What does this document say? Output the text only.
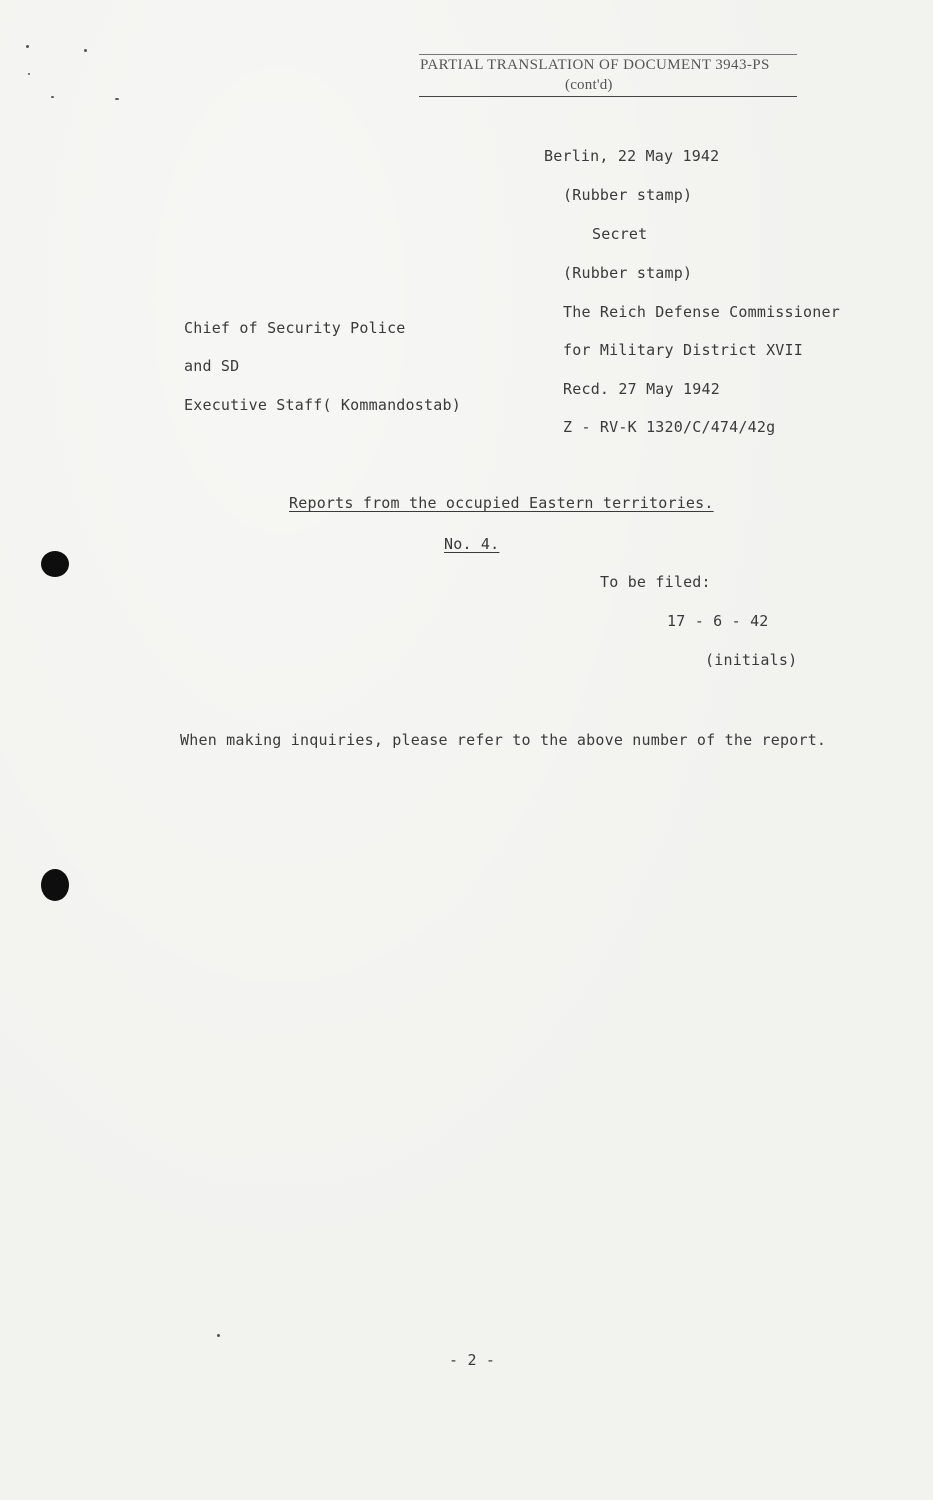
PARTIAL TRANSLATION OF DOCUMENT 3943-PS
(cont'd)
Berlin, 22 May 1942
(Rubber stamp)
Secret
(Rubber stamp)
The Reich Defense Commissioner
for Military District XVII
Recd. 27 May 1942
Z - RV-K 1320/C/474/42g
Chief of Security Police
and SD
Executive Staff( Kommandostab)
Reports from the occupied Eastern territories.
No. 4.
To be filed:
17 - 6 - 42
(initials)
When making inquiries, please refer to the above number of the report.
- 2 -
